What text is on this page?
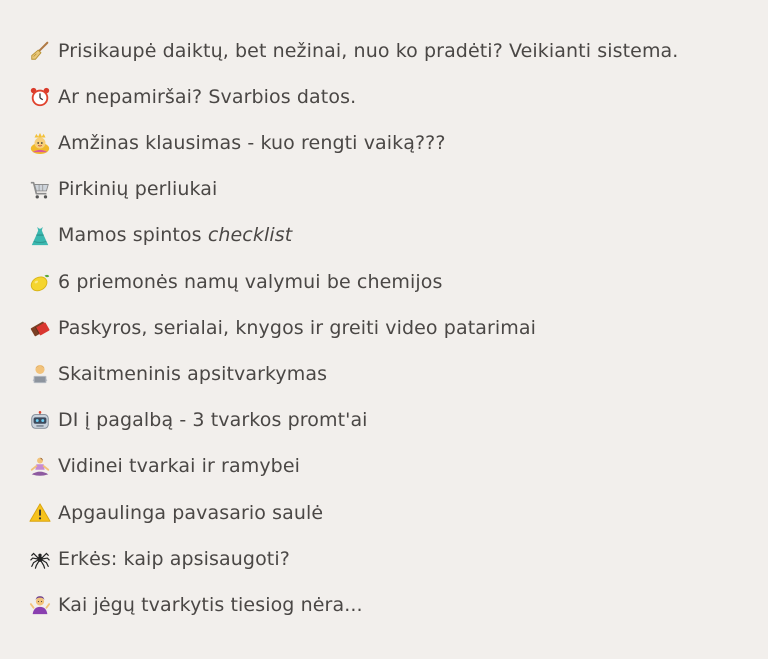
Prisikaupė daiktų, bet nežinai, nuo ko pradėti? Veikianti sistema.
Ar nepamiršai? Svarbios datos.
Amžinas klausimas - kuo rengti vaiką???
Pirkinių perliukai
Mamos spintos checklist
6 priemonės namų valymui be chemijos
Paskyros, serialai, knygos ir greiti video patarimai
Skaitmeninis apsitvarkymas
DI į pagalbą - 3 tvarkos promt'ai
Vidinei tvarkai ir ramybei
Apgaulinga pavasario saulė
Erkės: kaip apsisaugoti?
Kai jėgų tvarkytis tiesiog nėra...
